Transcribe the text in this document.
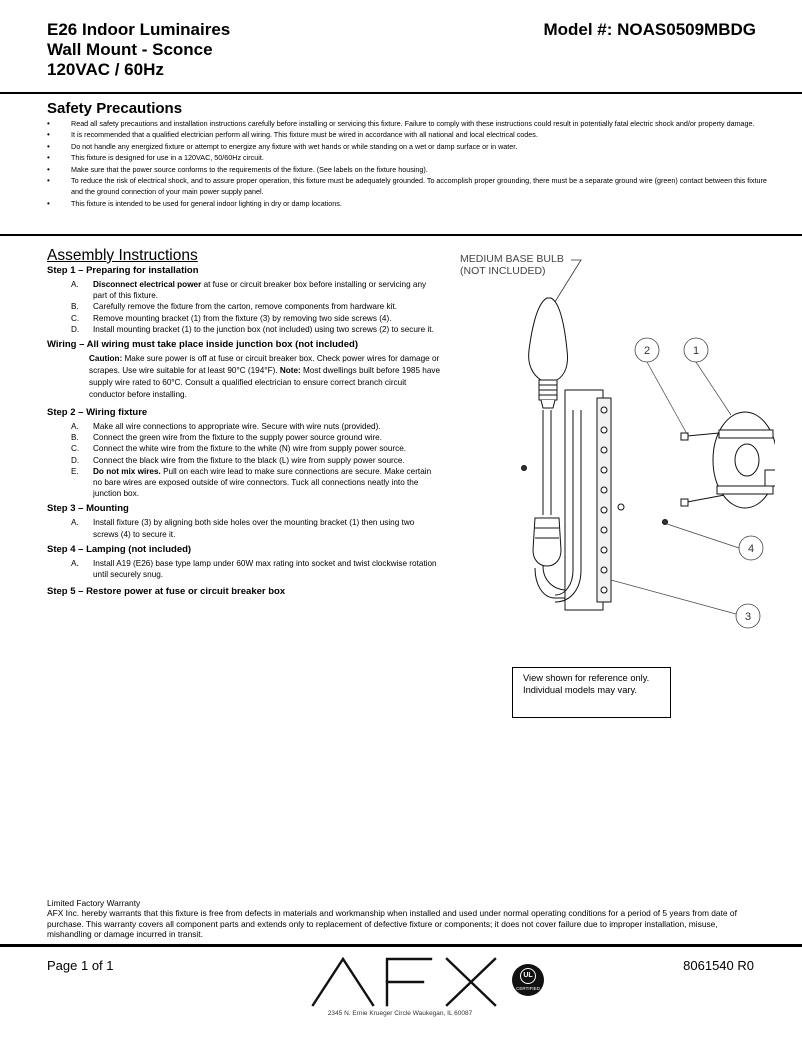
E26 Indoor Luminaires
Wall Mount - Sconce
120VAC / 60Hz
Model #: NOAS0509MBDG
Safety Precautions
• Read all safety precautions and installation instructions carefully before installing or servicing this fixture. Failure to comply with these instructions could result in potentially fatal electric shock and/or property damage.
• It is recommended that a qualified electrician perform all wiring. This fixture must be wired in accordance with all national and local electrical codes.
• Do not handle any energized fixture or attempt to energize any fixture with wet hands or while standing on a wet or damp surface or in water.
• This fixture is designed for use in a 120VAC, 50/60Hz circuit.
• Make sure that the power source conforms to the requirements of the fixture. (See labels on the fixture housing).
• To reduce the risk of electrical shock, and to assure proper operation, this fixture must be adequately grounded. To accomplish proper grounding, there must be a separate ground wire (green) contact between this fixture and the ground connection of your main power supply panel.
• This fixture is intended to be used for general indoor lighting in dry or damp locations.
Assembly Instructions
Step 1 – Preparing for installation
A. Disconnect electrical power at fuse or circuit breaker box before installing or servicing any part of this fixture.
B. Carefully remove the fixture from the carton, remove components from hardware kit.
C. Remove mounting bracket (1) from the fixture (3) by removing two side screws (4).
D. Install mounting bracket (1) to the junction box (not included) using two screws (2) to secure it.
Wiring – All wiring must take place inside junction box (not included)
Caution: Make sure power is off at fuse or circuit breaker box. Check power wires for damage or scrapes. Use wire suitable for at least 90°C (194°F). Note: Most dwellings built before 1985 have supply wire rated to 60°C. Consult a qualified electrician to ensure correct branch circuit conductor before installing.
Step 2 – Wiring fixture
A. Make all wire connections to appropriate wire. Secure with wire nuts (provided).
B. Connect the green wire from the fixture to the supply power source ground wire.
C. Connect the white wire from the fixture to the white (N) wire from supply power source.
D. Connect the black wire from the fixture to the black (L) wire from supply power source.
E. Do not mix wires. Pull on each wire lead to make sure connections are secure. Make certain no bare wires are exposed outside of wire connectors. Tuck all connections neatly into the junction box.
Step 3 – Mounting
A. Install fixture (3) by aligning both side holes over the mounting bracket (1) then using two screws (4) to secure it.
Step 4 – Lamping (not included)
A. Install A19 (E26) base type lamp under 60W max rating into socket and twist clockwise rotation until securely snug.
Step 5 – Restore power at fuse or circuit breaker box
MEDIUM BASE BULB
(NOT INCLUDED)
2	1
4
3
View shown for reference only. Individual models may vary.
Limited Factory Warranty
AFX Inc. hereby warrants that this fixture is free from defects in materials and workmanship when installed and used under normal operating conditions for a period of 5 years from date of purchase. This warranty covers all component parts and extends only to replacement of defective fixture or components; it does not cover failure due to improper installation, misuse, mishandling or damage incurred in transit.
Page 1 of 1	8061540 R0
UL
CERTIFIED
2345 N. Ernie Krueger Circle Waukegan, IL 60087
